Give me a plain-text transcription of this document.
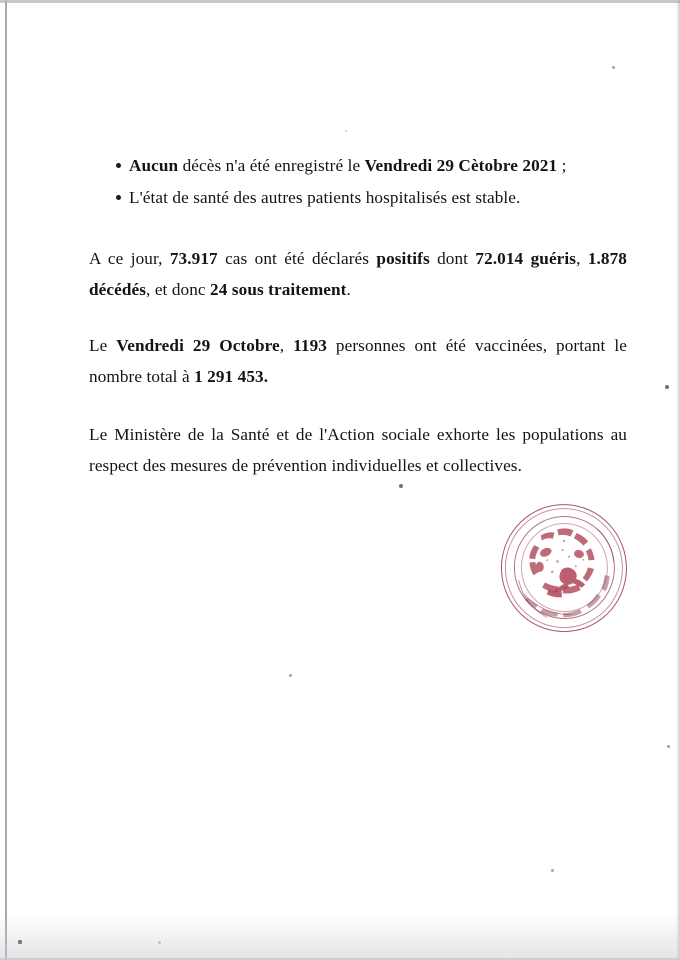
Aucun décès n'a été enregistré le Vendredi 29 Cètobre 2021 ;
L'état de santé des autres patients hospitalisés est stable.

A ce jour, 73.917 cas ont été déclarés positifs dont 72.014 guéris, 1.878 décédés, et donc 24 sous traitement.

Le Vendredi 29 Octobre, 1193 personnes ont été vaccinées, portant le nombre total à 1 291 453.

Le Ministère de la Santé et de l'Action sociale exhorte les populations au respect des mesures de prévention individuelles et collectives.
